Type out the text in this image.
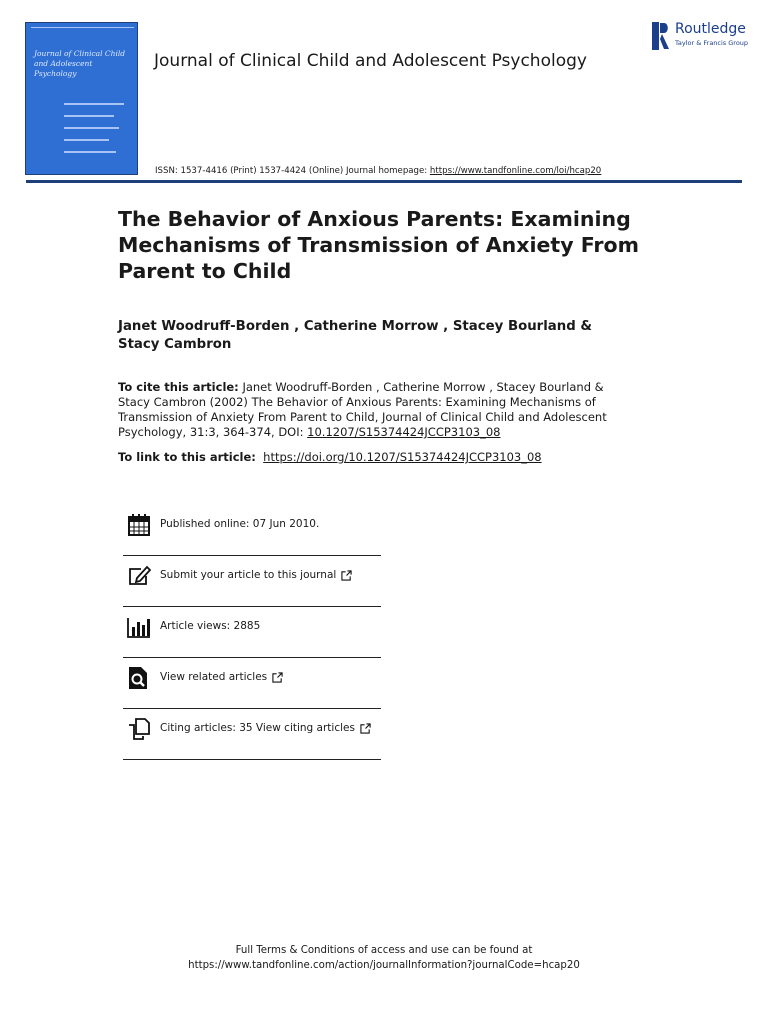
Journal of Clinical Child and Adolescent Psychology
Journal of Clinical Child and Adolescent Psychology
ISSN: 1537-4416 (Print) 1537-4424 (Online) Journal homepage: https://www.tandfonline.com/loi/hcap20
Routledge
Taylor & Francis Group
The Behavior of Anxious Parents: Examining Mechanisms of Transmission of Anxiety From Parent to Child
Janet Woodruff-Borden , Catherine Morrow , Stacey Bourland & Stacy Cambron
To cite this article: Janet Woodruff-Borden , Catherine Morrow , Stacey Bourland & Stacy Cambron (2002) The Behavior of Anxious Parents: Examining Mechanisms of Transmission of Anxiety From Parent to Child, Journal of Clinical Child and Adolescent Psychology, 31:3, 364-374, DOI: 10.1207/S15374424JCCP3103_08
To link to this article: https://doi.org/10.1207/S15374424JCCP3103_08
Published online: 07 Jun 2010.
Submit your article to this journal
Article views: 2885
View related articles
Citing articles: 35 View citing articles
Full Terms & Conditions of access and use can be found at
https://www.tandfonline.com/action/journalInformation?journalCode=hcap20
